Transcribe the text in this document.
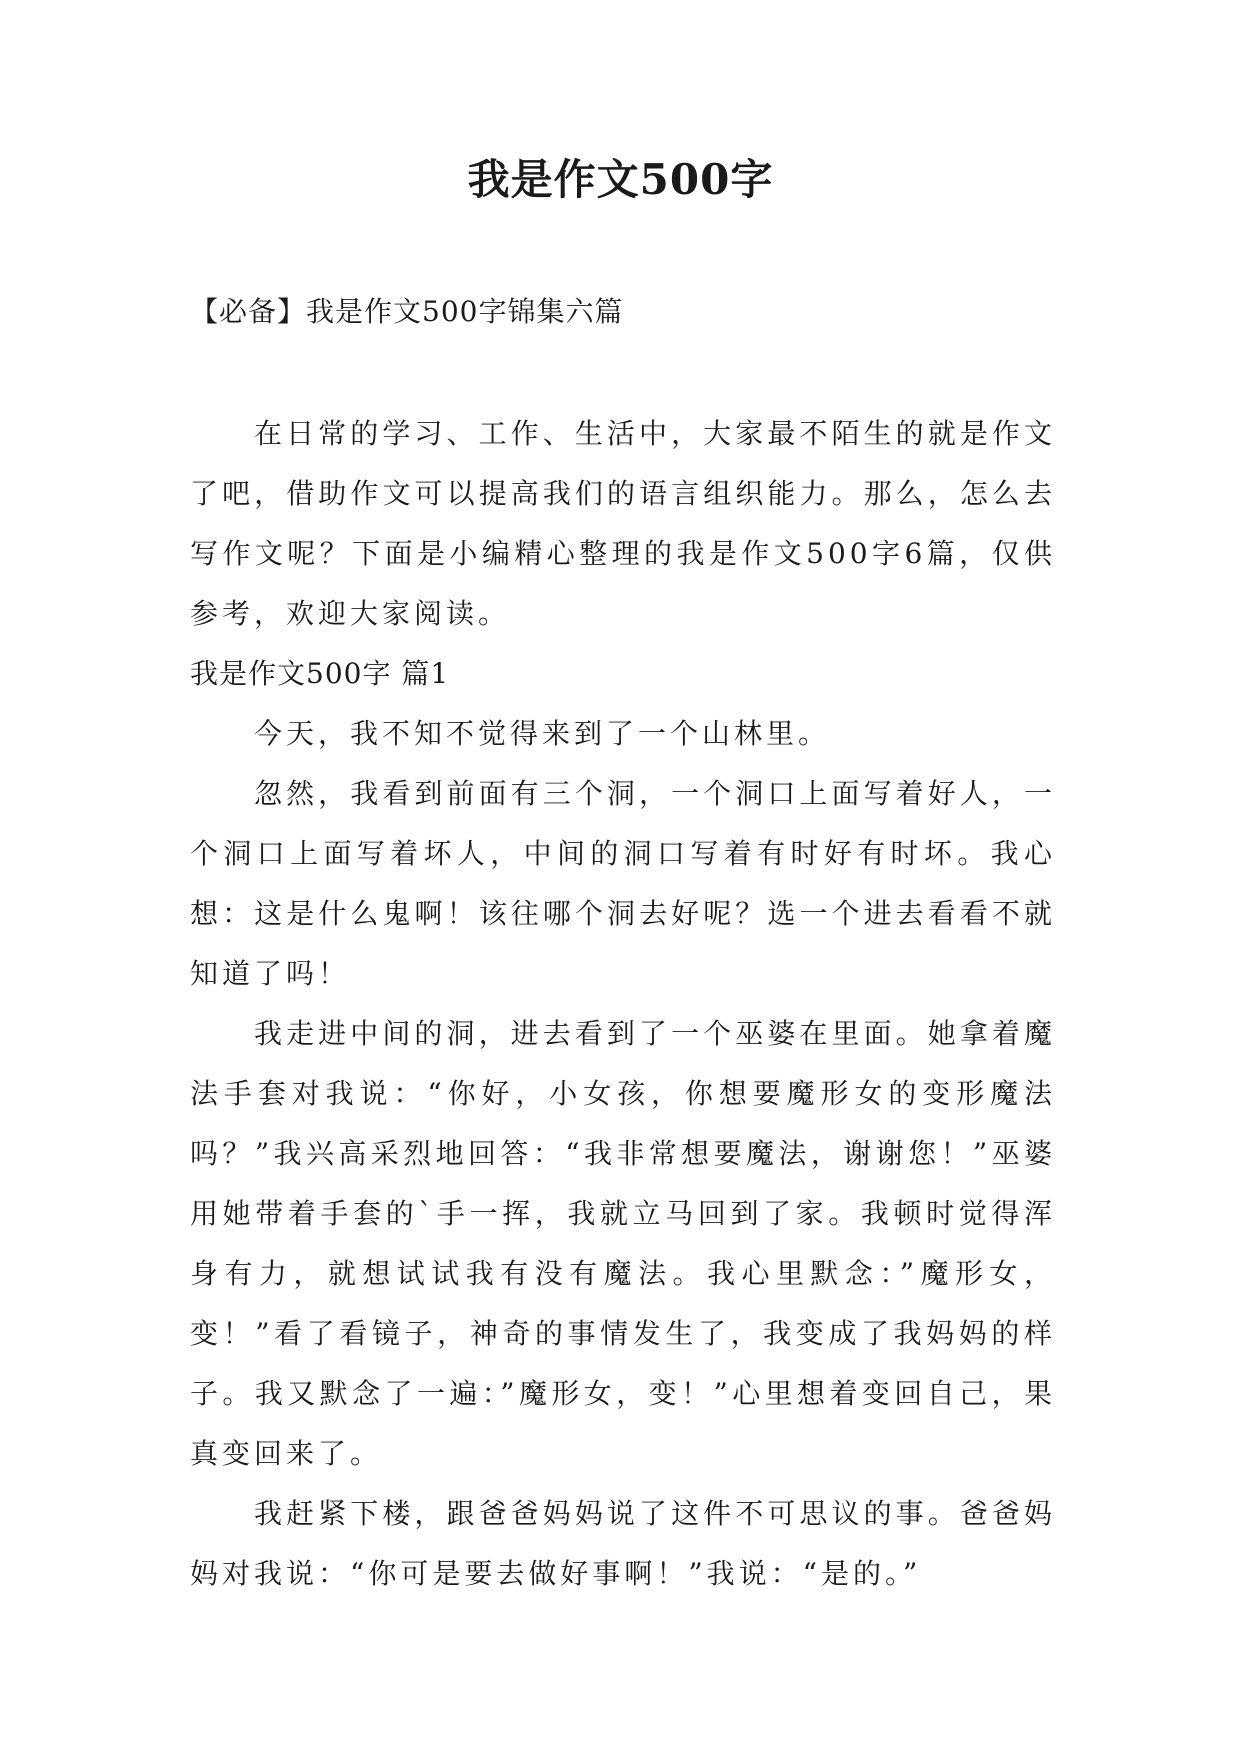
我是作文500字
【必备】我是作文500字锦集六篇

在日常的学习、工作、生活中，大家最不陌生的就是作文了吧，借助作文可以提高我们的语言组织能力。那么，怎么去写作文呢？下面是小编精心整理的我是作文500字6篇，仅供参考，欢迎大家阅读。

我是作文500字 篇1

今天，我不知不觉得来到了一个山林里。

忽然，我看到前面有三个洞，一个洞口上面写着好人，一个洞口上面写着坏人，中间的洞口写着有时好有时坏。我心想：这是什么鬼啊！该往哪个洞去好呢？选一个进去看看不就知道了吗！

我走进中间的洞，进去看到了一个巫婆在里面。她拿着魔法手套对我说：“你好，小女孩，你想要魔形女的变形魔法吗？”我兴高采烈地回答：“我非常想要魔法，谢谢您！”巫婆用她带着手套的`手一挥，我就立马回到了家。我顿时觉得浑身有力，就想试试我有没有魔法。我心里默念：”魔形女，变！”看了看镜子，神奇的事情发生了，我变成了我妈妈的样子。我又默念了一遍：”魔形女，变！”心里想着变回自己，果真变回来了。

我赶紧下楼，跟爸爸妈妈说了这件不可思议的事。爸爸妈妈对我说：“你可是要去做好事啊！”我说：“是的。”
